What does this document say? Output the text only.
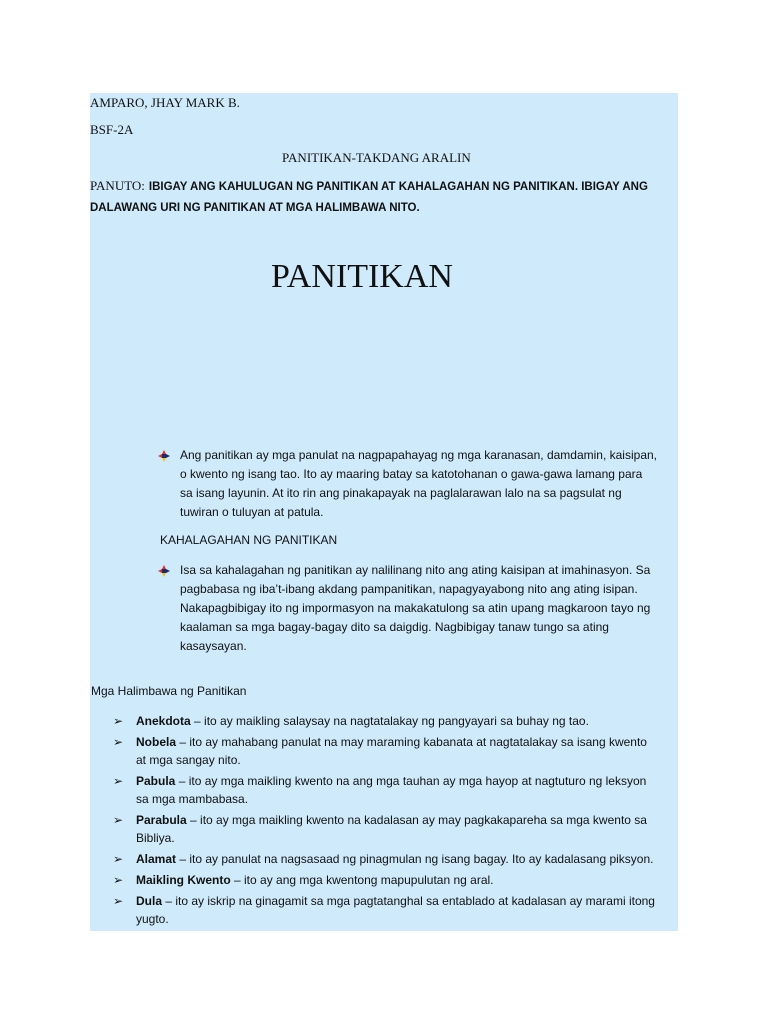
AMPARO, JHAY MARK B.
BSF-2A
PANITIKAN-TAKDANG ARALIN
PANUTO: IBIGAY ANG KAHULUGAN NG PANITIKAN AT KAHALAGAHAN NG PANITIKAN. IBIGAY ANG
DALAWANG URI NG PANITIKAN AT MGA HALIMBAWA NITO.
PANITIKAN
Ang panitikan ay mga panulat na nagpapahayag ng mga karanasan, damdamin, kaisipan,
o kwento ng isang tao. Ito ay maaring batay sa katotohanan o gawa-gawa lamang para
sa isang layunin. At ito rin ang pinakapayak na paglalarawan lalo na sa pagsulat ng
tuwiran o tuluyan at patula.
KAHALAGAHAN NG PANITIKAN
Isa sa kahalagahan ng panitikan ay nalilinang nito ang ating kaisipan at imahinasyon. Sa
pagbabasa ng iba’t-ibang akdang pampanitikan, napagyayabong nito ang ating isipan.
Nakapagbibigay ito ng impormasyon na makakatulong sa atin upang magkaroon tayo ng
kaalaman sa mga bagay-bagay dito sa daigdig. Nagbibigay tanaw tungo sa ating
kasaysayan.
Mga Halimbawa ng Panitikan
➢ Anekdota – ito ay maikling salaysay na nagtatalakay ng pangyayari sa buhay ng tao.
➢ Nobela – ito ay mahabang panulat na may maraming kabanata at nagtatalakay sa isang kwento
at mga sangay nito.
➢ Pabula – ito ay mga maikling kwento na ang mga tauhan ay mga hayop at nagtuturo ng leksyon
sa mga mambabasa.
➢ Parabula – ito ay mga maikling kwento na kadalasan ay may pagkakapareha sa mga kwento sa
Bibliya.
➢ Alamat – ito ay panulat na nagsasaad ng pinagmulan ng isang bagay. Ito ay kadalasang piksyon.
➢ Maikling Kwento – ito ay ang mga kwentong mapupulutan ng aral.
➢ Dula – ito ay iskrip na ginagamit sa mga pagtatanghal sa entablado at kadalasan ay marami itong
yugto.
